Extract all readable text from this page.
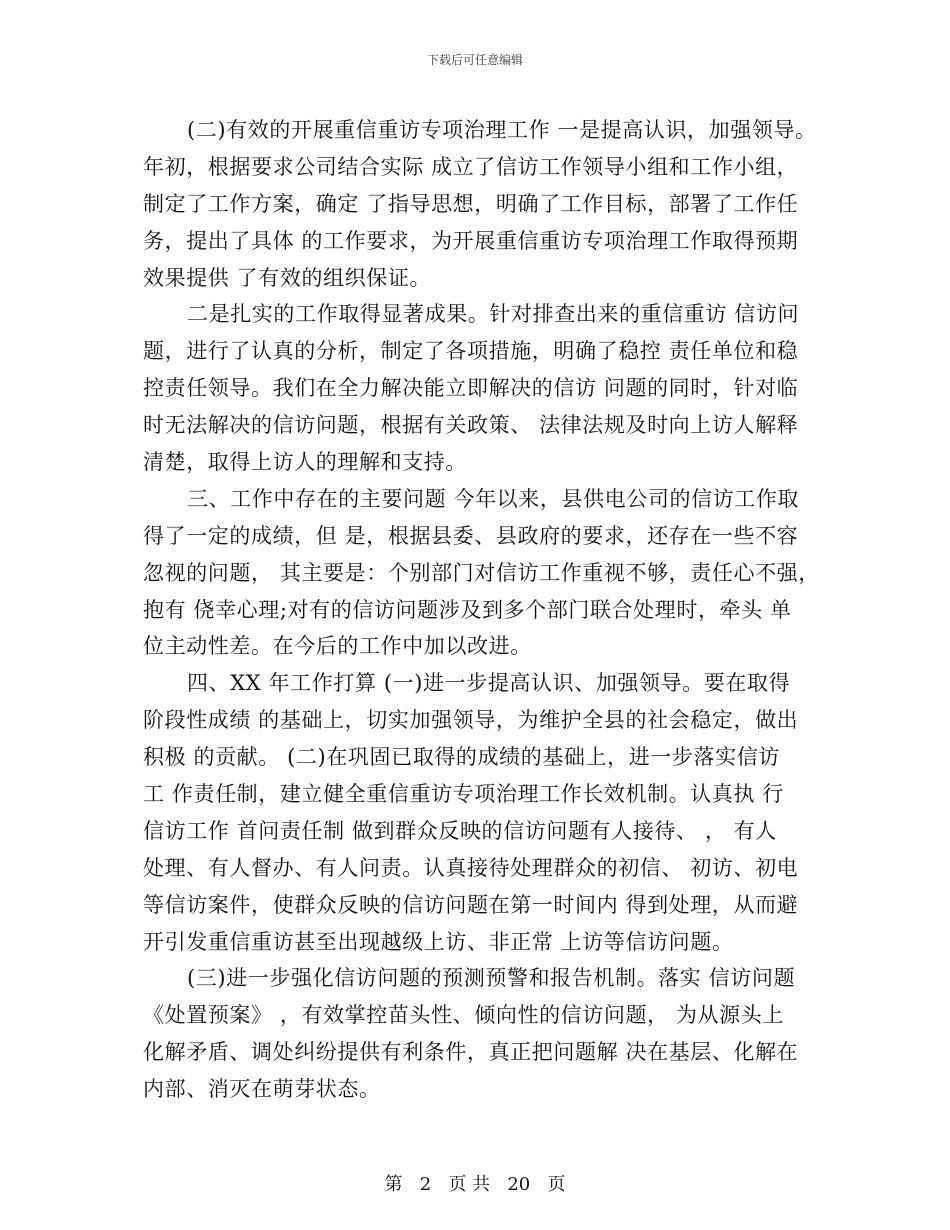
下载后可任意编辑
(二)有效的开展重信重访专项治理工作 一是提高认识，加强领导。
年初，根据要求公司结合实际 成立了信访工作领导小组和工作小组，
制定了工作方案，确定 了指导思想，明确了工作目标，部署了工作任
务，提出了具体 的工作要求，为开展重信重访专项治理工作取得预期
效果提供 了有效的组织保证。
二是扎实的工作取得显著成果。针对排查出来的重信重访 信访问
题，进行了认真的分析，制定了各项措施，明确了稳控 责任单位和稳
控责任领导。我们在全力解决能立即解决的信访 问题的同时，针对临
时无法解决的信访问题，根据有关政策、 法律法规及时向上访人解释
清楚，取得上访人的理解和支持。
三、工作中存在的主要问题 今年以来，县供电公司的信访工作取
得了一定的成绩，但 是，根据县委、县政府的要求，还存在一些不容
忽视的问题， 其主要是：个别部门对信访工作重视不够，责任心不强，
抱有 侥幸心理;对有的信访问题涉及到多个部门联合处理时，牵头 单
位主动性差。在今后的工作中加以改进。
四、XX 年工作打算 (一)进一步提高认识、加强领导。要在取得
阶段性成绩 的基础上，切实加强领导，为维护全县的社会稳定，做出
积极 的贡献。 (二)在巩固已取得的成绩的基础上，进一步落实信访
工 作责任制，建立健全重信重访专项治理工作长效机制。认真执 行
信访工作 首问责任制 做到群众反映的信访问题有人接待、 ， 有人
处理、有人督办、有人问责。认真接待处理群众的初信、 初访、初电
等信访案件，使群众反映的信访问题在第一时间内 得到处理，从而避
开引发重信重访甚至出现越级上访、非正常 上访等信访问题。
(三)进一步强化信访问题的预测预警和报告机制。落实 信访问题
《处置预案》 ，有效掌控苗头性、倾向性的信访问题， 为从源头上
化解矛盾、调处纠纷提供有利条件，真正把问题解 决在基层、化解在
内部、消灭在萌芽状态。
第 2 页 共 20 页
